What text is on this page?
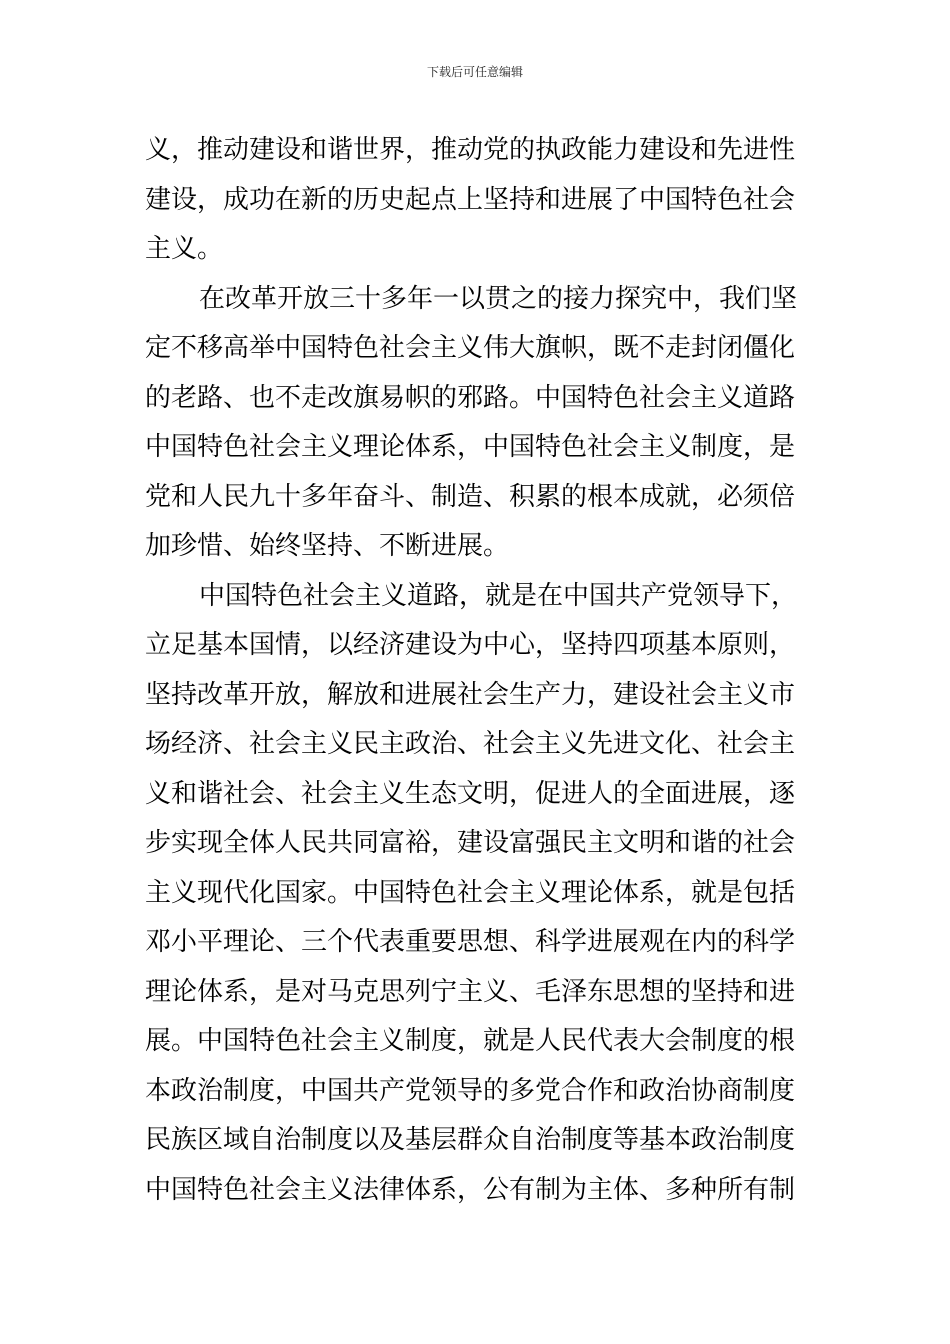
下载后可任意编辑
义，推动建设和谐世界，推动党的执政能力建设和先进性
建设，成功在新的历史起点上坚持和进展了中国特色社会
主义。
在改革开放三十多年一以贯之的接力探究中，我们坚
定不移高举中国特色社会主义伟大旗帜，既不走封闭僵化
的老路、也不走改旗易帜的邪路。中国特色社会主义道路
中国特色社会主义理论体系，中国特色社会主义制度，是
党和人民九十多年奋斗、制造、积累的根本成就，必须倍
加珍惜、始终坚持、不断进展。
中国特色社会主义道路，就是在中国共产党领导下，
立足基本国情，以经济建设为中心，坚持四项基本原则，
坚持改革开放，解放和进展社会生产力，建设社会主义市
场经济、社会主义民主政治、社会主义先进文化、社会主
义和谐社会、社会主义生态文明，促进人的全面进展，逐
步实现全体人民共同富裕，建设富强民主文明和谐的社会
主义现代化国家。中国特色社会主义理论体系，就是包括
邓小平理论、三个代表重要思想、科学进展观在内的科学
理论体系，是对马克思列宁主义、毛泽东思想的坚持和进
展。中国特色社会主义制度，就是人民代表大会制度的根
本政治制度，中国共产党领导的多党合作和政治协商制度
民族区域自治制度以及基层群众自治制度等基本政治制度
中国特色社会主义法律体系，公有制为主体、多种所有制
